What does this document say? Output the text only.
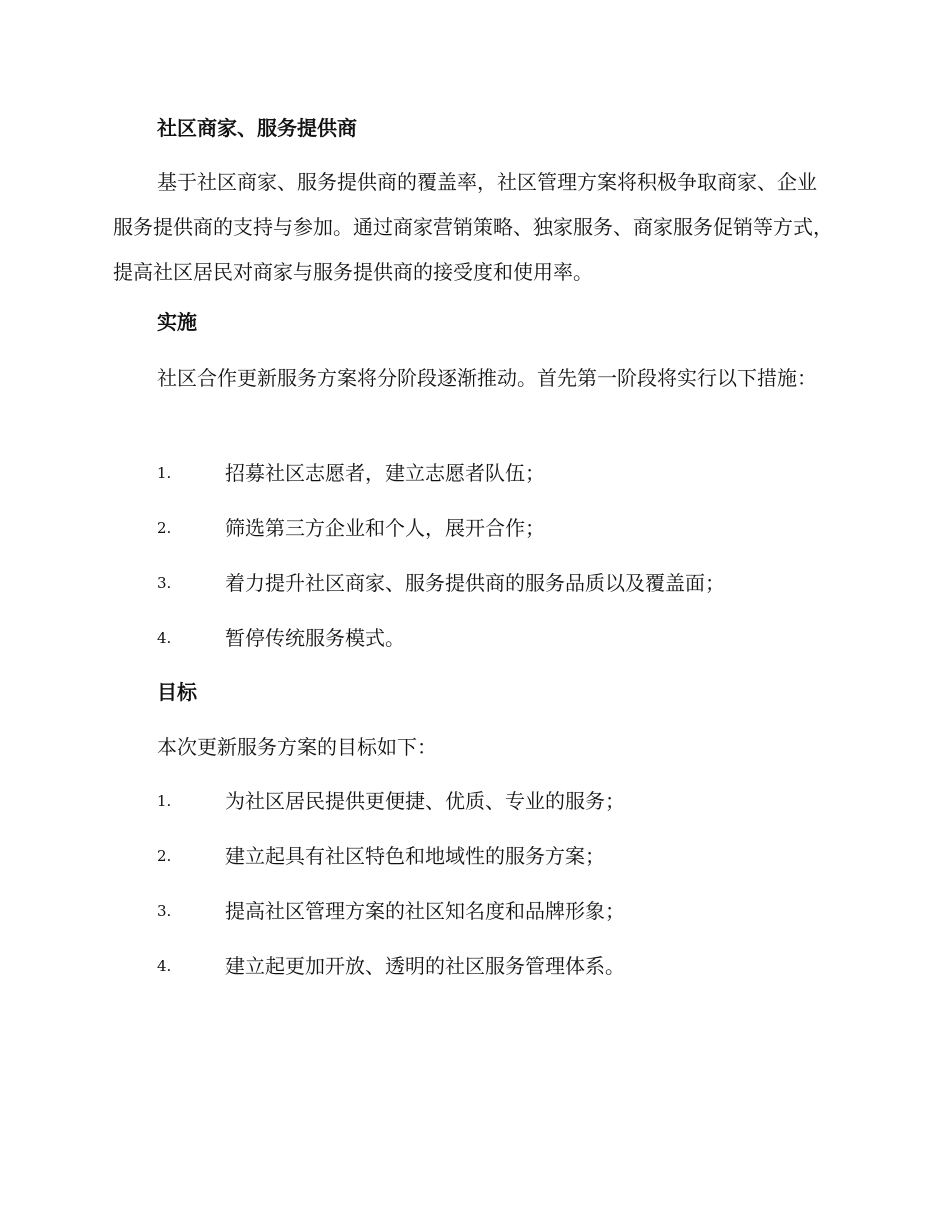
社区商家、服务提供商

基于社区商家、服务提供商的覆盖率，社区管理方案将积极争取商家、企业服务提供商的支持与参加。通过商家营销策略、独家服务、商家服务促销等方式，提高社区居民对商家与服务提供商的接受度和使用率。

实施

社区合作更新服务方案将分阶段逐渐推动。首先第一阶段将实行以下措施：

1.	招募社区志愿者，建立志愿者队伍；
2.	筛选第三方企业和个人，展开合作；
3.	着力提升社区商家、服务提供商的服务品质以及覆盖面；
4.	暂停传统服务模式。
目标

本次更新服务方案的目标如下：

1.	为社区居民提供更便捷、优质、专业的服务；
2.	建立起具有社区特色和地域性的服务方案；
3.	提高社区管理方案的社区知名度和品牌形象；
4.	建立起更加开放、透明的社区服务管理体系。
